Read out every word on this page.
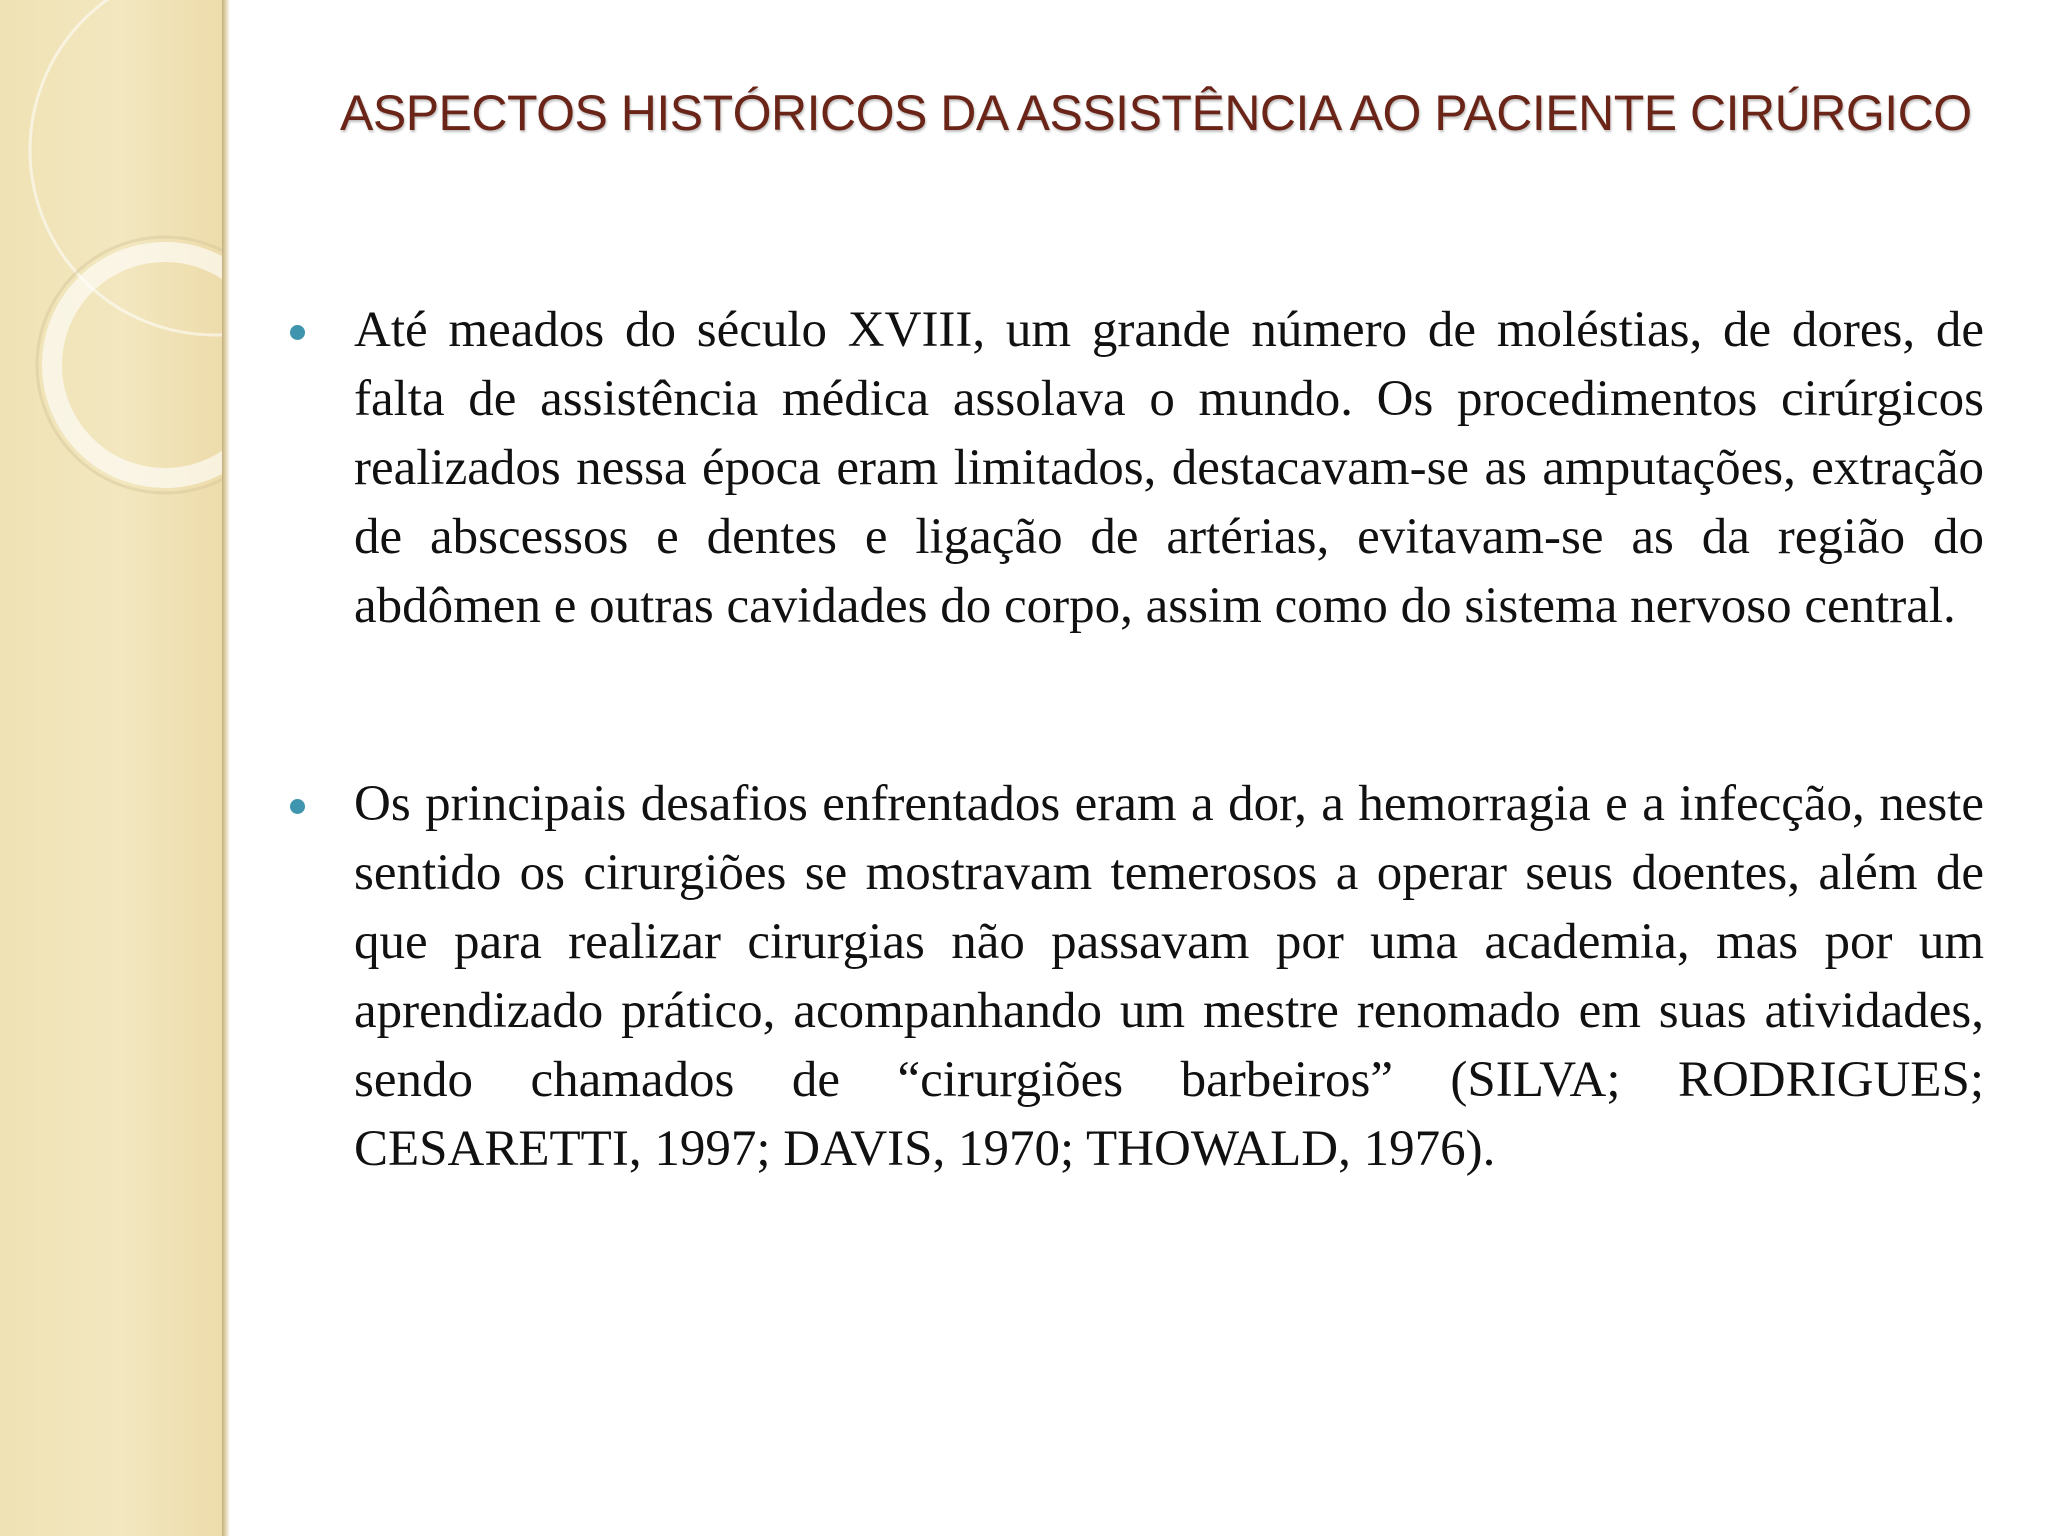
ASPECTOS HISTÓRICOS DA ASSISTÊNCIA AO PACIENTE CIRÚRGICO
Até meados do século XVIII, um grande número de moléstias, de dores, de falta de assistência médica assolava o mundo. Os procedimentos cirúrgicos realizados nessa época eram limitados, destacavam-se as amputações, extração de abscessos e dentes e ligação de artérias, evitavam-se as da região do abdômen e outras cavidades do corpo, assim como do sistema nervoso central.
Os principais desafios enfrentados eram a dor, a hemorragia e a infecção, neste sentido os cirurgiões se mostravam temerosos a operar seus doentes, além de que para realizar cirurgias não passavam por uma academia, mas por um aprendizado prático, acompanhando um mestre renomado em suas atividades, sendo chamados de “cirurgiões barbeiros” (SILVA; RODRIGUES; CESARETTI, 1997; DAVIS, 1970; THOWALD, 1976).
